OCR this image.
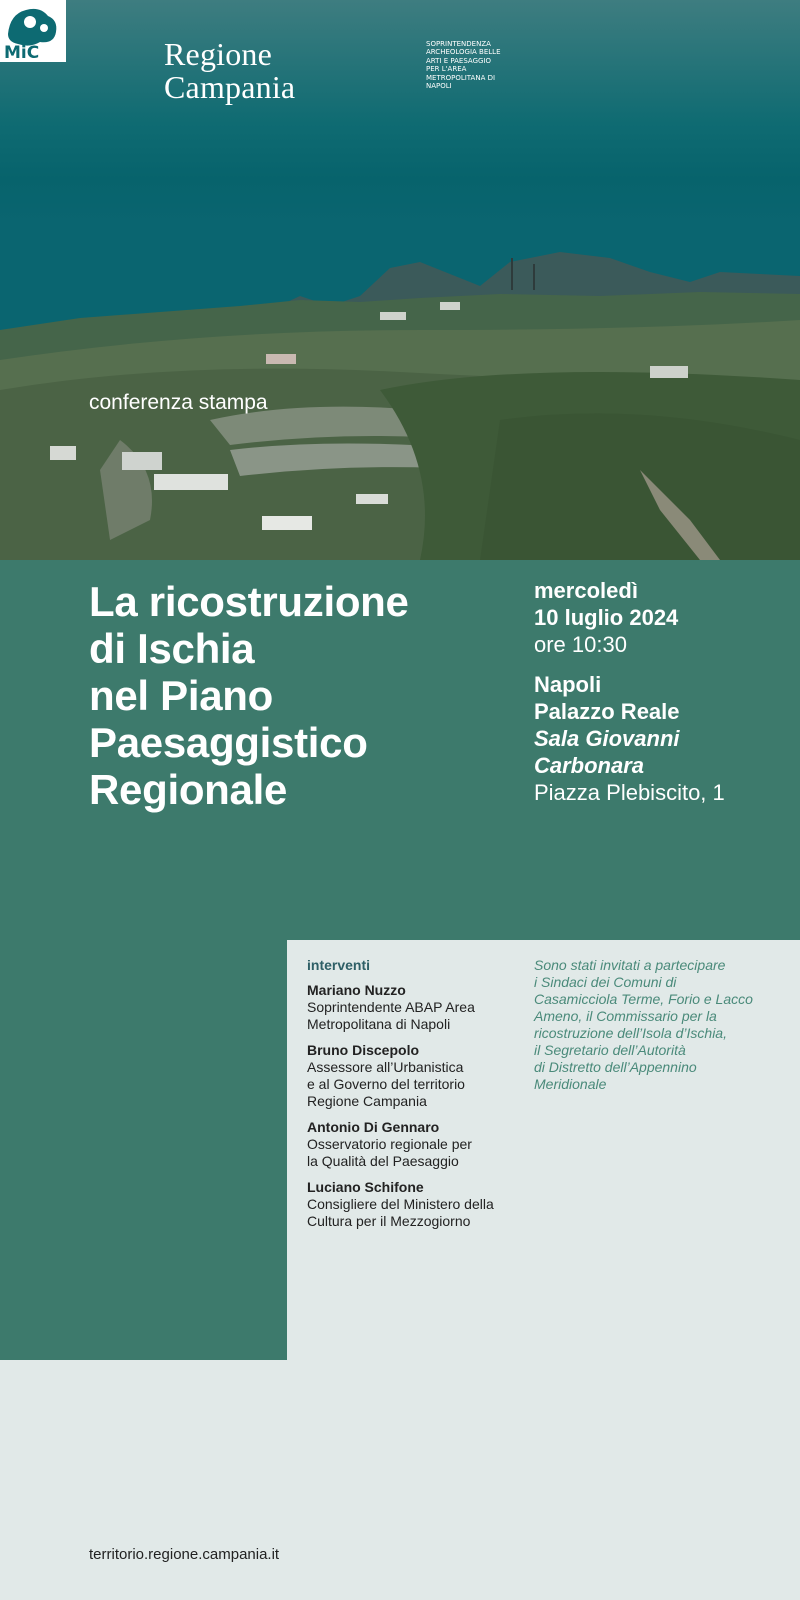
Regione
Campania
MiC	SOPRINTENDENZA ARCHEOLOGIA BELLE ARTI E PAESAGGIO PER L'AREA METROPOLITANA DI NAPOLI
conferenza stampa
La ricostruzione
di Ischia
nel Piano
Paesaggistico
Regionale
mercoledì
10 luglio 2024
ore 10:30
Napoli
Palazzo Reale
Sala Giovanni
Carbonara
Piazza Plebiscito, 1
interventi
Mariano Nuzzo
Soprintendente ABAP Area
Metropolitana di Napoli
Bruno Discepolo
Assessore all’Urbanistica
e al Governo del territorio
Regione Campania
Antonio Di Gennaro
Osservatorio regionale per
la Qualità del Paesaggio
Luciano Schifone
Consigliere del Ministero della
Cultura per il Mezzogiorno
Sono stati invitati a partecipare
i Sindaci dei Comuni di
Casamicciola Terme, Forio e Lacco
Ameno, il Commissario per la
ricostruzione dell’Isola d’Ischia,
il Segretario dell’Autorità
di Distretto dell’Appennino
Meridionale
territorio.regione.campania.it
